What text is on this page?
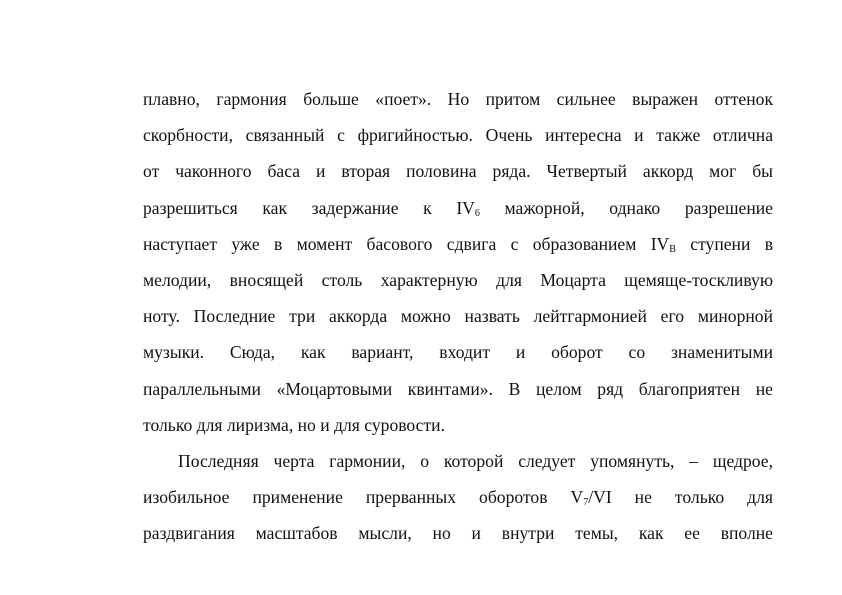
плавно, гармония больше «поет». Но притом сильнее выражен оттенок
скорбности, связанный с фригийностью. Очень интересна и также отлична
от чаконного баса и вторая половина ряда. Четвертый аккорд мог бы
разрешиться как задержание к $IV_6$ мажорной, однако разрешение
наступает уже в момент басового сдвига с образованием $IV_В$ ступени в
мелодии, вносящей столь характерную для Моцарта щемяще-тоскливую
ноту. Последние три аккорда можно назвать лейтгармонией его минорной
музыки. Сюда, как вариант, входит и оборот со знаменитыми
параллельными «Моцартовыми квинтами». В целом ряд благоприятен не
только для лиризма, но и для суровости.
Последняя черта гармонии, о которой следует упомянуть, – щедрое,
изобильное применение прерванных оборотов $V_7/VI$ не только для
раздвигания масштабов мысли, но и внутри темы, как ее вполне
